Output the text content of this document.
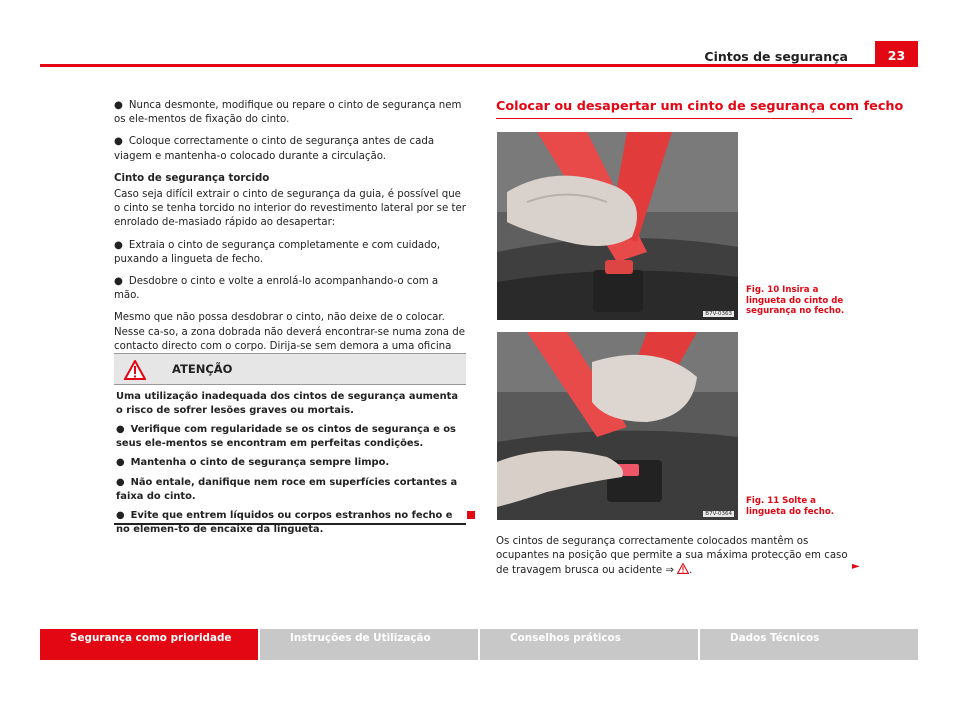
Cintos de segurança	23

● Nunca desmonte, modifique ou repare o cinto de segurança nem os ele-mentos de fixação do cinto.

● Coloque correctamente o cinto de segurança antes de cada viagem e mantenha-o colocado durante a circulação.

Cinto de segurança torcido

Caso seja difícil extrair o cinto de segurança da guia, é possível que o cinto se tenha torcido no interior do revestimento lateral por se ter enrolado de-masiado rápido ao desapertar:

● Extraia o cinto de segurança completamente e com cuidado, puxando a lingueta de fecho.

● Desdobre o cinto e volte a enrolá-lo acompanhando-o com a mão.

Mesmo que não possa desdobrar o cinto, não deixe de o colocar. Nesse ca-so, a zona dobrada não deverá encontrar-se numa zona de contacto directo com o corpo. Dirija-se sem demora a uma oficina

ATENÇÃO

Uma utilização inadequada dos cintos de segurança aumenta o risco de sofrer lesões graves ou mortais.

● Verifique com regularidade se os cintos de segurança e os seus ele-mentos se encontram em perfeitas condições.

● Mantenha o cinto de segurança sempre limpo.

● Não entale, danifique nem roce em superfícies cortantes a faixa do cinto.

● Evite que entrem líquidos ou corpos estranhos no fecho e no elemen-to de encaixe da lingueta.

Colocar ou desapertar um cinto de segurança com fecho
B7V-0363
Fig. 10 Insira a lingueta do cinto de segurança no fecho.
B7V-0364
Fig. 11 Solte a lingueta do fecho.
Os cintos de segurança correctamente colocados mantêm os ocupantes na posição que permite a sua máxima protecção em caso de travagem brusca ou acidente ⇒ .	►
Segurança como prioridade	Instruções de Utilização	Conselhos práticos	Dados Técnicos
